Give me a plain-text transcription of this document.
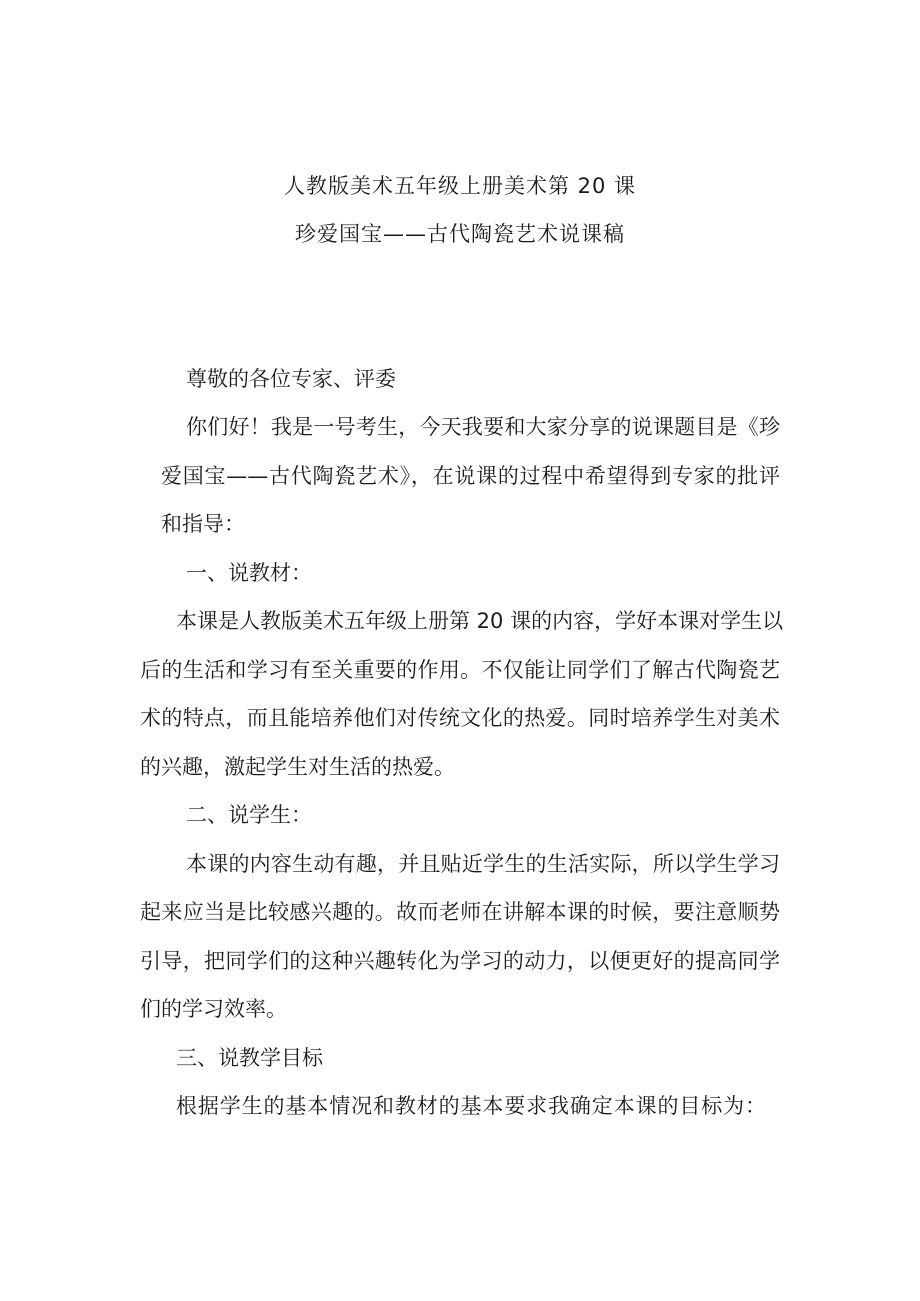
人教版美术五年级上册美术第 20 课
珍爱国宝——古代陶瓷艺术说课稿
尊敬的各位专家、评委
你们好！我是一号考生，今天我要和大家分享的说课题目是《珍
爱国宝——古代陶瓷艺术》，在说课的过程中希望得到专家的批评
和指导：
一、说教材：
本课是人教版美术五年级上册第 20 课的内容，学好本课对学生以
后的生活和学习有至关重要的作用。不仅能让同学们了解古代陶瓷艺
术的特点，而且能培养他们对传统文化的热爱。同时培养学生对美术
的兴趣，激起学生对生活的热爱。
二、说学生：
本课的内容生动有趣，并且贴近学生的生活实际，所以学生学习
起来应当是比较感兴趣的。故而老师在讲解本课的时候，要注意顺势
引导，把同学们的这种兴趣转化为学习的动力，以便更好的提高同学
们的学习效率。
三、说教学目标
根据学生的基本情况和教材的基本要求我确定本课的目标为：
